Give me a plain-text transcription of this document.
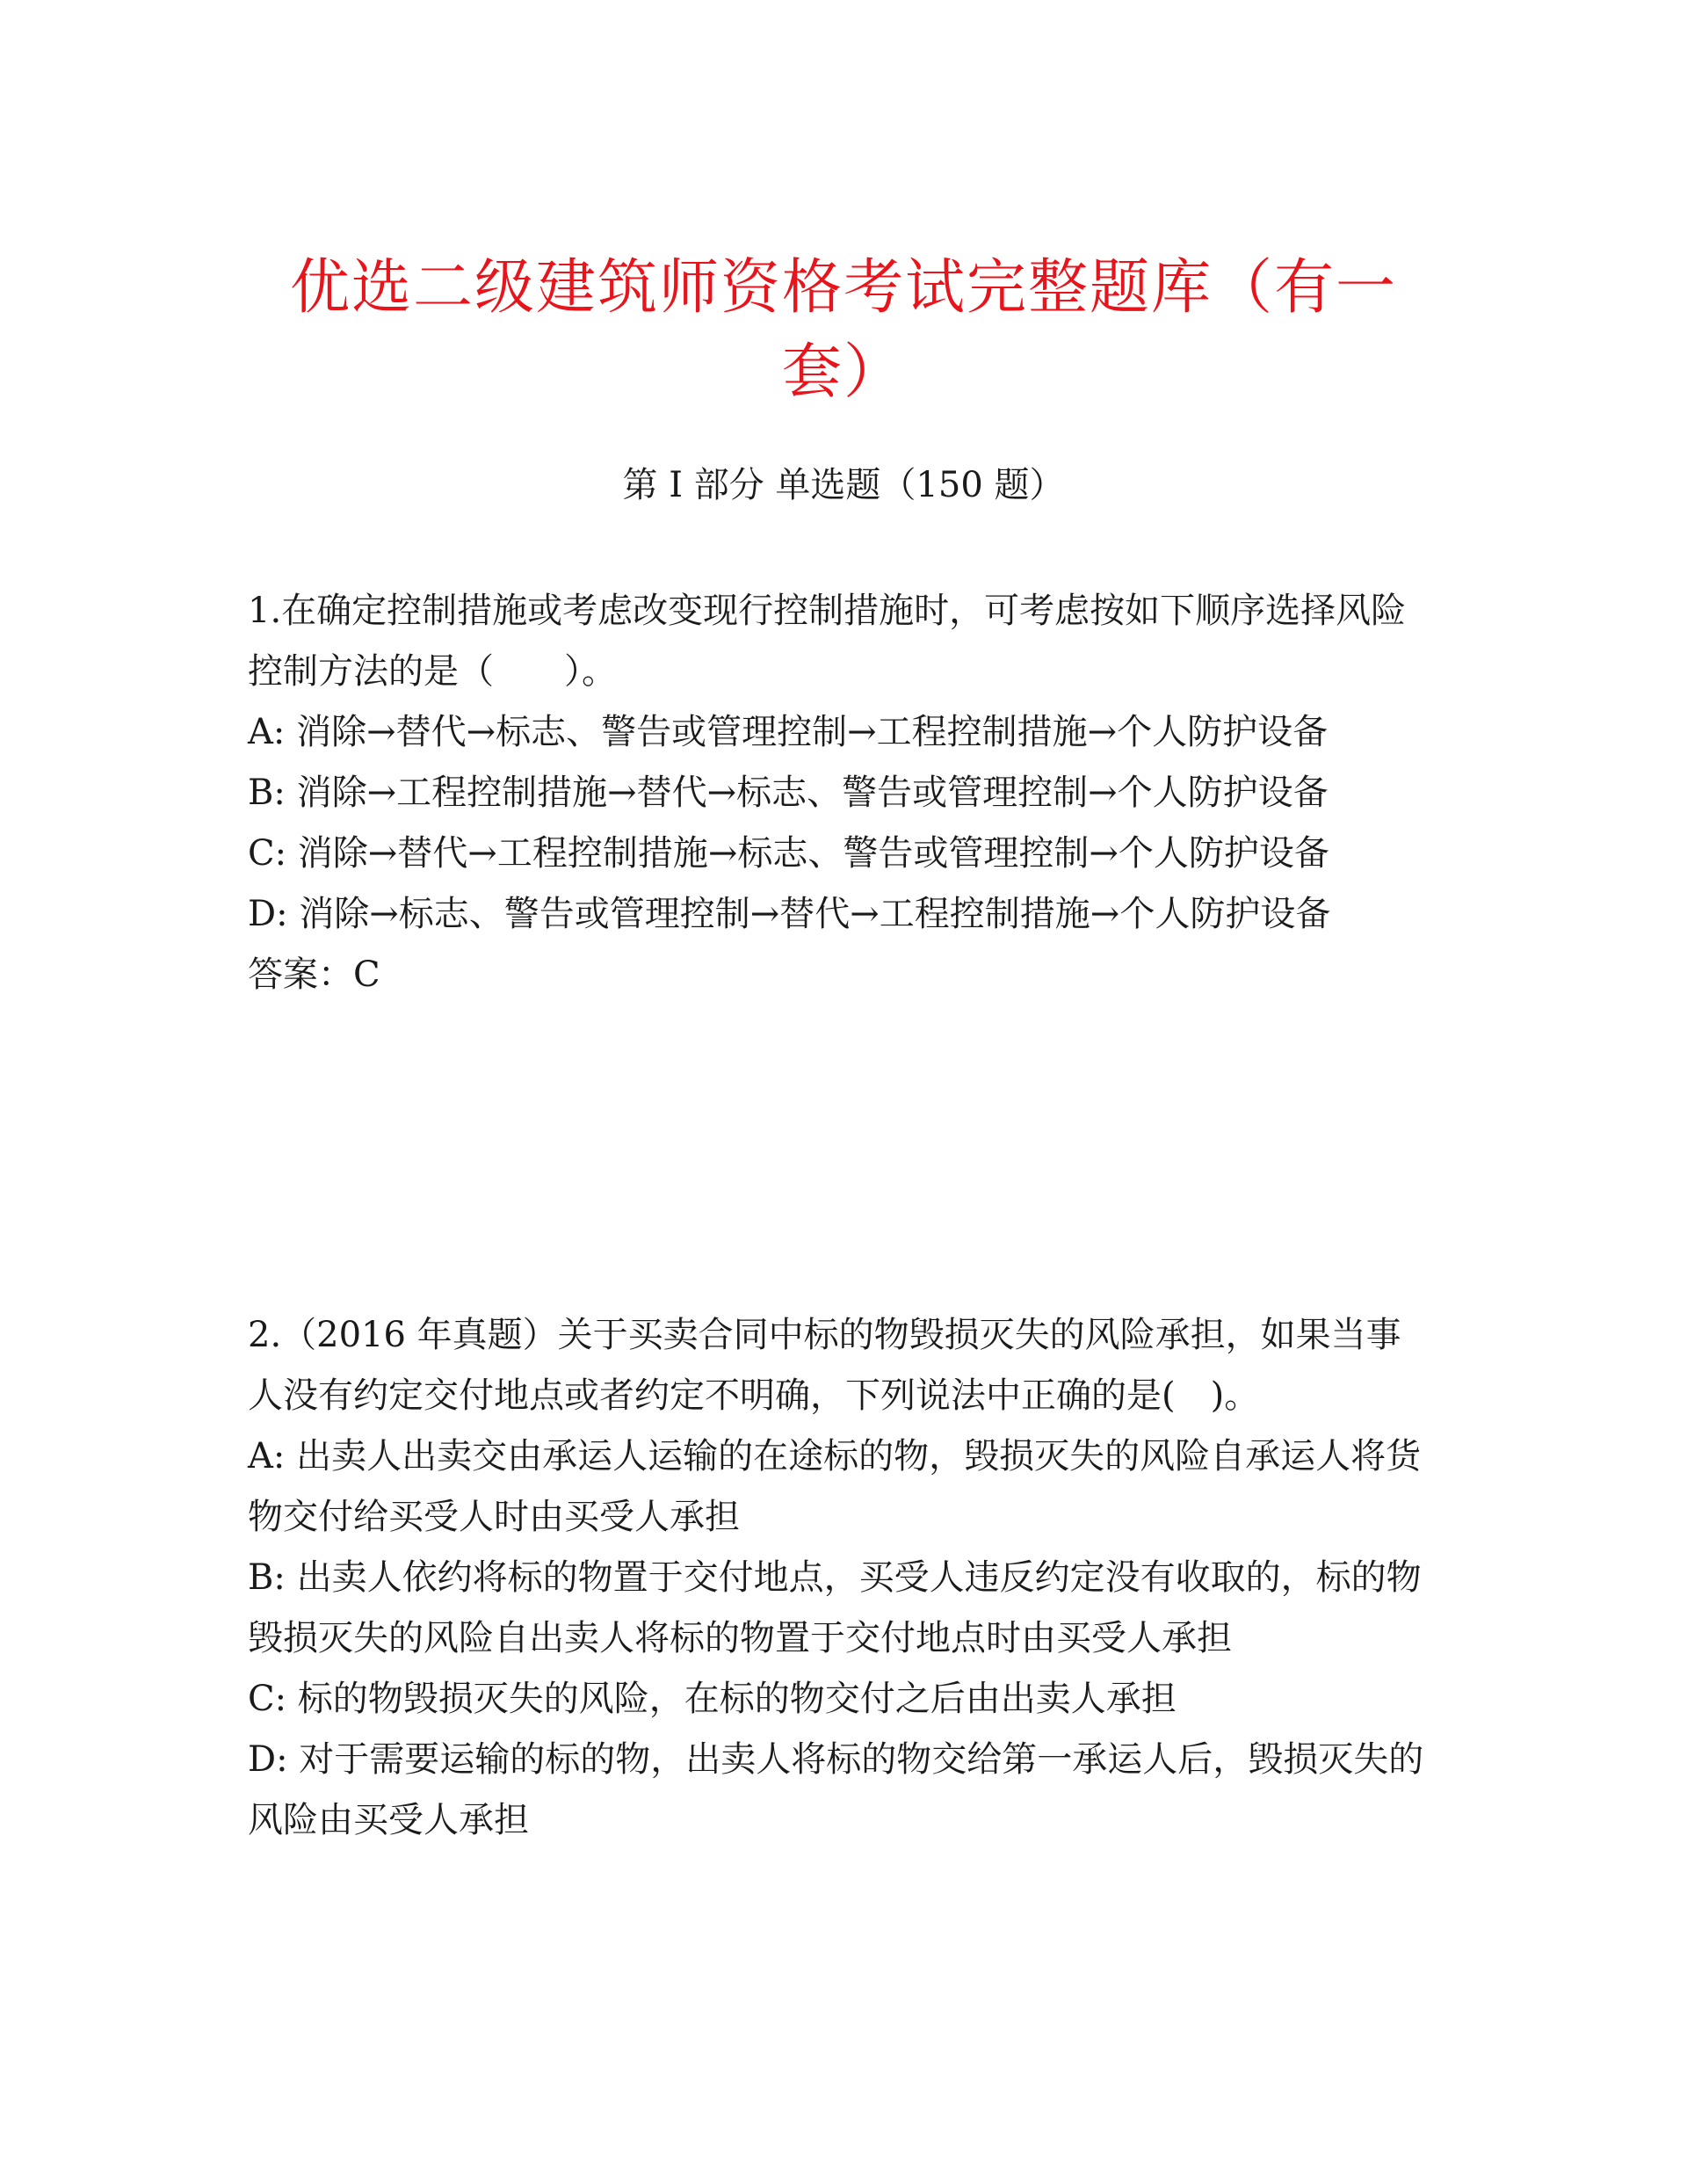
优选二级建筑师资格考试完整题库（有一套）
第 I 部分 单选题（150 题）

1.在确定控制措施或考虑改变现行控制措施时，可考虑按如下顺序选择风险控制方法的是（　　）。

A: 消除→替代→标志、警告或管理控制→工程控制措施→个人防护设备

B: 消除→工程控制措施→替代→标志、警告或管理控制→个人防护设备

C: 消除→替代→工程控制措施→标志、警告或管理控制→个人防护设备

D: 消除→标志、警告或管理控制→替代→工程控制措施→个人防护设备

答案：C

2.（2016 年真题）关于买卖合同中标的物毁损灭失的风险承担，如果当事人没有约定交付地点或者约定不明确，下列说法中正确的是(　)。

A: 出卖人出卖交由承运人运输的在途标的物，毁损灭失的风险自承运人将货物交付给买受人时由买受人承担

B: 出卖人依约将标的物置于交付地点，买受人违反约定没有收取的，标的物毁损灭失的风险自出卖人将标的物置于交付地点时由买受人承担

C: 标的物毁损灭失的风险，在标的物交付之后由出卖人承担

D: 对于需要运输的标的物，出卖人将标的物交给第一承运人后，毁损灭失的风险由买受人承担
